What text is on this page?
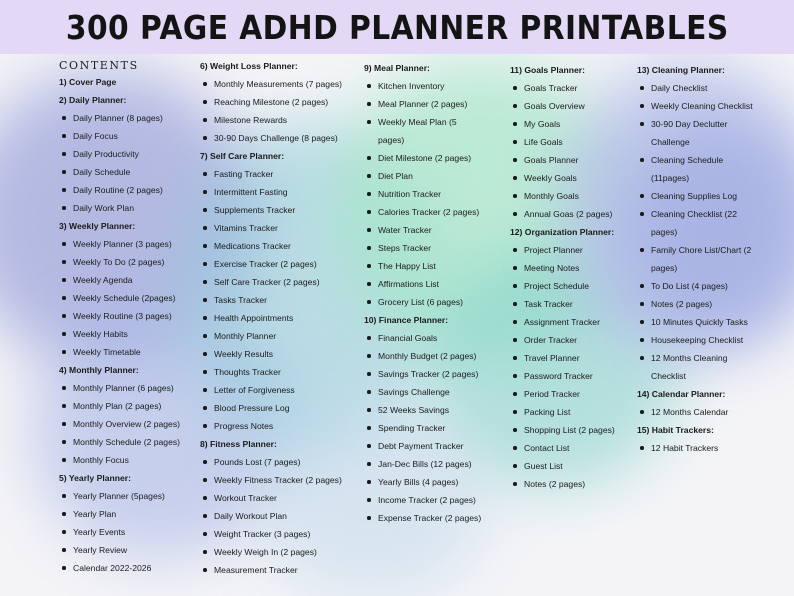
300 PAGE ADHD PLANNER PRINTABLES
CONTENTS
1) Cover Page
2) Daily Planner:
Daily Planner (8 pages)
Daily Focus
Daily Productivity
Daily Schedule
Daily Routine (2 pages)
Daily Work Plan
3) Weekly Planner:
Weekly Planner (3 pages)
Weekly To Do (2 pages)
Weekly Agenda
Weekly Schedule (2pages)
Weekly Routine (3 pages)
Weekly Habits
Weekly Timetable
4) Monthly Planner:
Monthly Planner (6 pages)
Monthly Plan (2 pages)
Monthly Overview (2 pages)
Monthly Schedule (2 pages)
Monthly Focus
5) Yearly Planner:
Yearly Planner (5pages)
Yearly Plan
Yearly Events
Yearly Review
Calendar 2022-2026
6) Weight Loss Planner:
Monthly Measurements (7 pages)
Reaching Milestone (2 pages)
Milestone Rewards
30-90 Days Challenge (8 pages)
7) Self Care Planner:
Fasting Tracker
Intermittent Fasting
Supplements Tracker
Vitamins Tracker
Medications Tracker
Exercise Tracker (2 pages)
Self Care Tracker (2 pages)
Tasks Tracker
Health Appointments
Monthly Planner
Weekly Results
Thoughts Tracker
Letter of Forgiveness
Blood Pressure Log
Progress Notes
8) Fitness Planner:
Pounds Lost (7 pages)
Weekly Fitness Tracker (2 pages)
Workout Tracker
Daily Workout Plan
Weight Tracker (3 pages)
Weekly Weigh In (2 pages)
Measurement Tracker
9) Meal Planner:
Kitchen Inventory
Meal Planner (2 pages)
Weekly Meal Plan (5
pages)
Diet Milestone (2 pages)
Diet Plan
Nutrition Tracker
Calories Tracker (2 pages)
Water Tracker
Steps Tracker
The Happy List
Affirmations List
Grocery List (6 pages)
10) Finance Planner:
Financial Goals
Monthly Budget (2 pages)
Savings Tracker (2 pages)
Savings Challenge
52 Weeks Savings
Spending Tracker
Debt Payment Tracker
Jan-Dec Bills (12 pages)
Yearly Bills (4 pages)
Income Tracker (2 pages)
Expense Tracker (2 pages)
11) Goals Planner:
Goals Tracker
Goals Overview
My Goals
Life Goals
Goals Planner
Weekly Goals
Monthly Goals
Annual Goas (2 pages)
12) Organization Planner:
Project Planner
Meeting Notes
Project Schedule
Task Tracker
Assignment Tracker
Order Tracker
Travel Planner
Password Tracker
Period Tracker
Packing List
Shopping List (2 pages)
Contact List
Guest List
Notes (2 pages)
13) Cleaning Planner:
Daily Checklist
Weekly Cleaning Checklist
30-90 Day Declutter
Challenge
Cleaning Schedule
(11pages)
Cleaning Supplies Log
Cleaning Checklist (22
pages)
Family Chore List/Chart (2
pages)
To Do List (4 pages)
Notes (2 pages)
10 Minutes Quickly Tasks
Housekeeping Checklist
12 Months Cleaning
Checklist
14) Calendar Planner:
12 Months Calendar
15) Habit Trackers:
12 Habit Trackers
